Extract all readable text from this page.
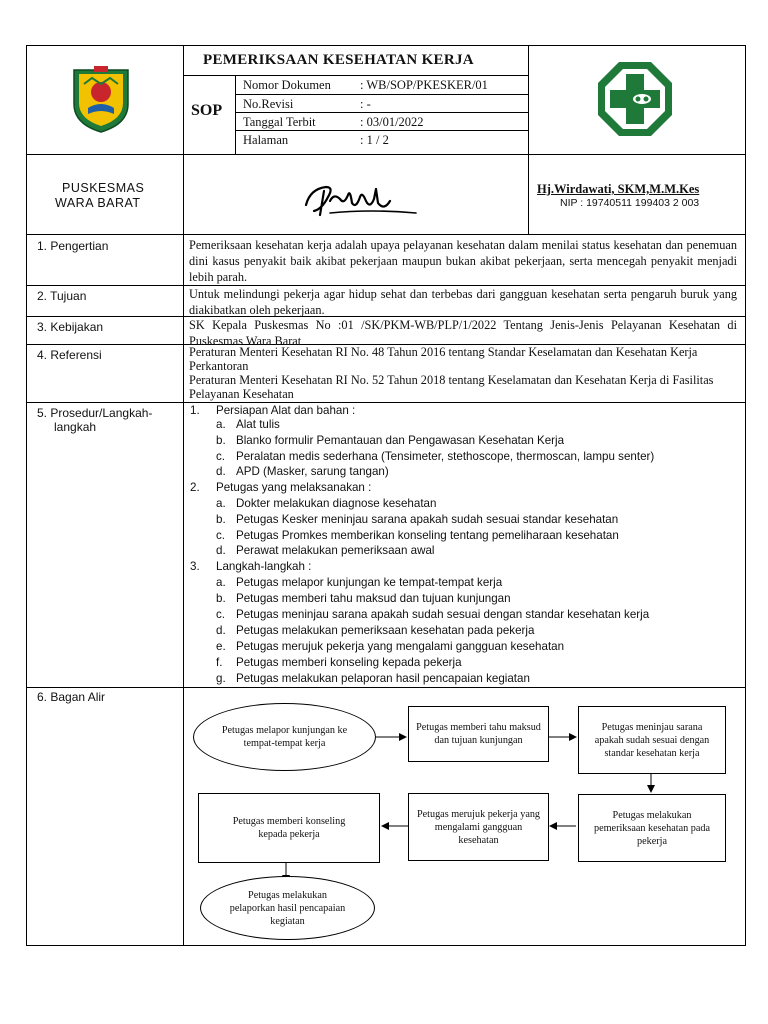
PEMERIKSAAN KESEHATAN KERJA
SOP
Nomor Dokumen : WB/SOP/PKESKER/01
No.Revisi	: -
Tanggal Terbit	: 03/01/2022
Halaman	: 1 / 2
PUSKESMAS
WARA BARAT
Hj.Wirdawati, SKM,M.M.Kes
NIP : 19740511 199403 2 003
1. Pengertian	Pemeriksaan kesehatan kerja adalah upaya pelayanan kesehatan dalam menilai status kesehatan dan penemuan dini kasus penyakit baik akibat pekerjaan maupun bukan akibat pekerjaan, serta mencegah penyakit menjadi lebih parah.
2. Tujuan	Untuk melindungi pekerja agar hidup sehat dan terbebas dari gangguan kesehatan serta pengaruh buruk yang diakibatkan oleh pekerjaan.
3. Kebijakan	SK Kepala Puskesmas No :01 /SK/PKM-WB/PLP/1/2022 Tentang Jenis-Jenis Pelayanan Kesehatan di Puskesmas Wara Barat
4. Referensi	Peraturan Menteri Kesehatan RI No. 48 Tahun 2016 tentang Standar Keselamatan dan Kesehatan Kerja Perkantoran
Peraturan Menteri Kesehatan RI No. 52 Tahun 2018 tentang Keselamatan dan Kesehatan Kerja di Fasilitas Pelayanan Kesehatan
5. Prosedur/Langkah-
langkah
1. Persiapan Alat dan bahan :
a. Alat tulis
b. Blanko formulir Pemantauan dan Pengawasan Kesehatan Kerja
c. Peralatan medis sederhana (Tensimeter, stethoscope, thermoscan, lampu senter)
d. APD (Masker, sarung tangan)
2. Petugas yang melaksanakan :
a. Dokter melakukan diagnose kesehatan
b. Petugas Kesker meninjau sarana apakah sudah sesuai standar kesehatan
c. Petugas Promkes memberikan konseling tentang pemeliharaan kesehatan
d. Perawat melakukan pemeriksaan awal
3. Langkah-langkah :
a. Petugas melapor kunjungan ke tempat-tempat kerja
b. Petugas memberi tahu maksud dan tujuan kunjungan
c. Petugas meninjau sarana apakah sudah sesuai dengan standar kesehatan kerja
d. Petugas melakukan pemeriksaan kesehatan pada pekerja
e. Petugas merujuk pekerja yang mengalami gangguan kesehatan
f. Petugas memberi konseling kepada pekerja
g. Petugas melakukan pelaporan hasil pencapaian kegiatan
6. Bagan Alir
Petugas melapor kunjungan ke tempat-tempat kerja
Petugas memberi tahu maksud dan tujuan kunjungan
Petugas meninjau sarana apakah sudah sesuai dengan standar kesehatan kerja
Petugas melakukan pemeriksaan kesehatan pada pekerja
Petugas merujuk pekerja yang mengalami gangguan kesehatan
Petugas memberi konseling kepada pekerja
Petugas melakukan pelaporkan hasil pencapaian kegiatan
